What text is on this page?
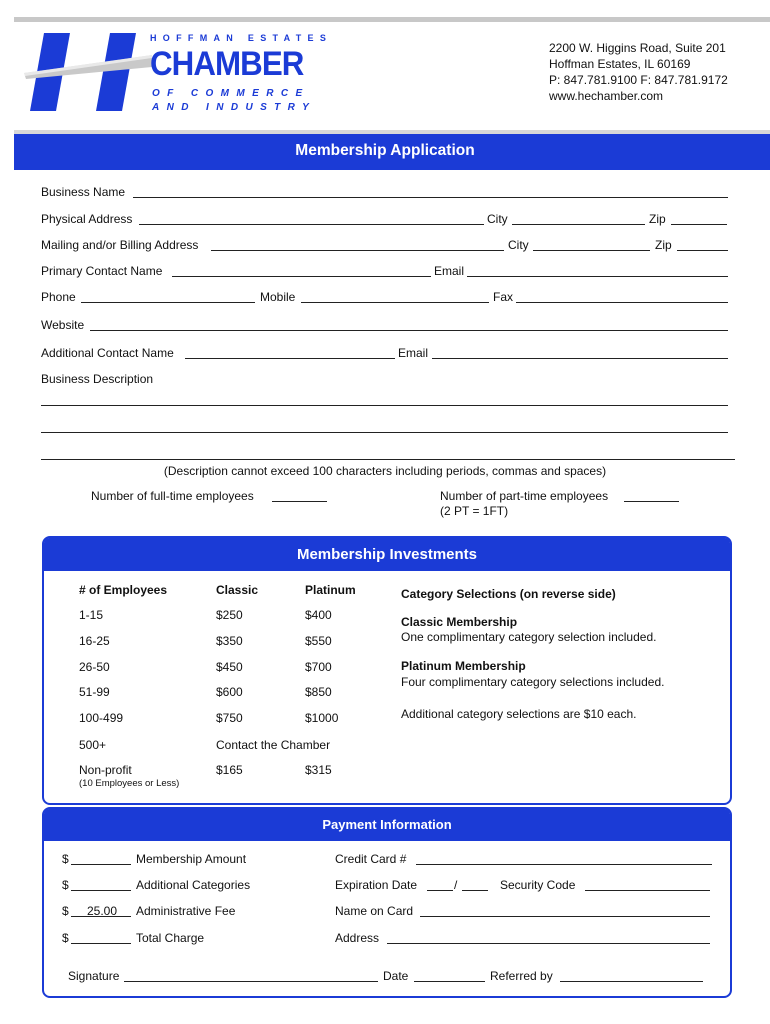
HOFFMAN ESTATES
CHAMBER
OF COMMERCE
AND INDUSTRY
2200 W. Higgins Road, Suite 201
Hoffman Estates, IL 60169
P: 847.781.9100 F: 847.781.9172
www.hechamber.com
Membership Application
Business Name
Physical Address	City	Zip
Mailing and/or Billing Address	City	Zip
Primary Contact Name	Email
Phone	Mobile	Fax
Website
Additional Contact Name	Email
Business Description
(Description cannot exceed 100 characters including periods, commas and spaces)
Number of full-time employees	Number of part-time employees
(2 PT = 1FT)
Membership Investments
# of Employees	Classic	Platinum
1-15	$250	$400
16-25	$350	$550
26-50	$450	$700
51-99	$600	$850
100-499	$750	$1000
500+	Contact the Chamber
Non-profit
(10 Employees or Less)
$165	$315
Category Selections (on reverse side)
Classic Membership
One complimentary category selection included.
Platinum Membership
Four complimentary category selections included.
Additional category selections are $10 each.
Payment Information
$	Membership Amount
$	Additional Categories
$ 25.00 Administrative Fee
$	Total Charge
Credit Card #
Expiration Date	/	Security Code
Name on Card
Address
Signature	Date	Referred by
